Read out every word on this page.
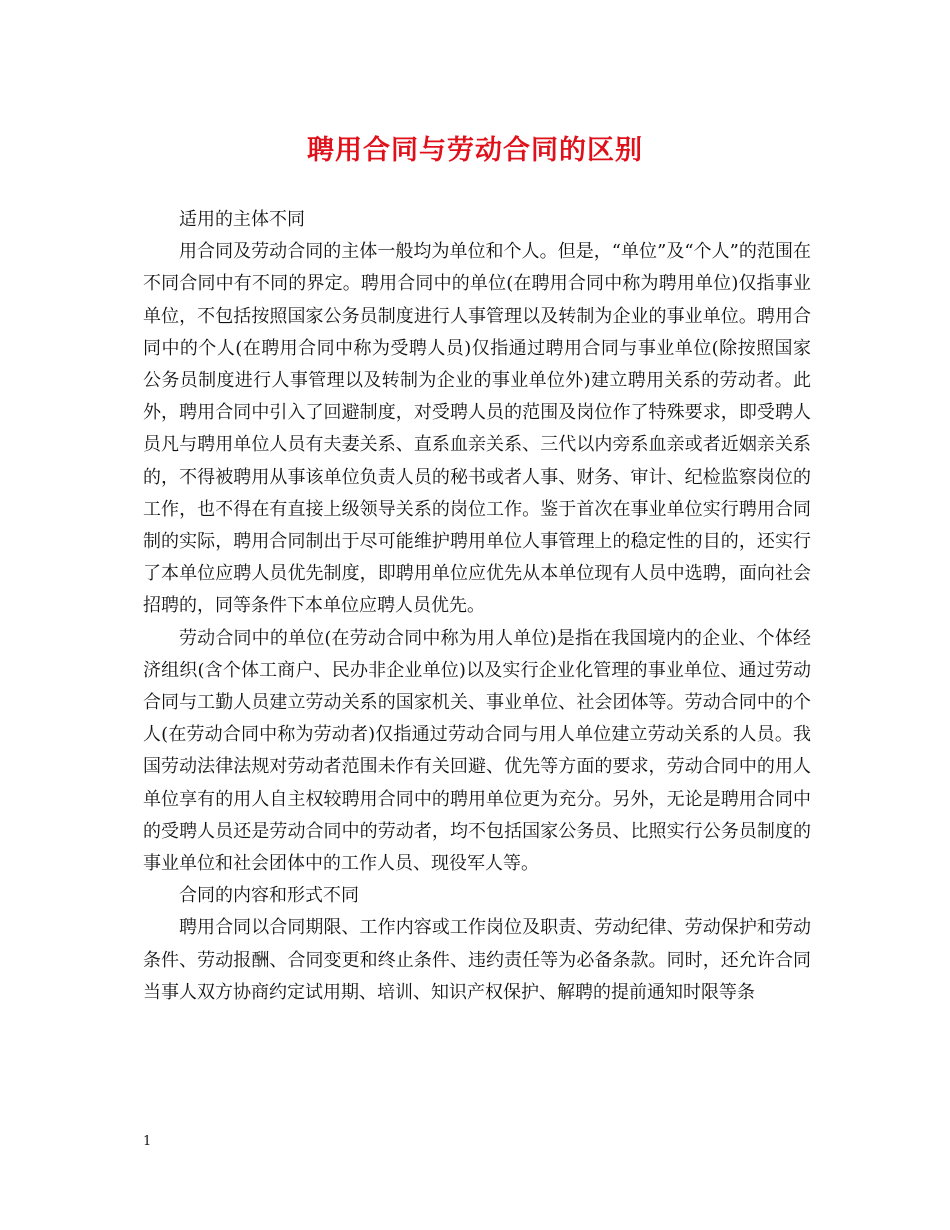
聘用合同与劳动合同的区别

适用的主体不同

用合同及劳动合同的主体一般均为单位和个人。但是，“单位”及“个人”的范围在不同合同中有不同的界定。聘用合同中的单位(在聘用合同中称为聘用单位)仅指事业单位，不包括按照国家公务员制度进行人事管理以及转制为企业的事业单位。聘用合同中的个人(在聘用合同中称为受聘人员)仅指通过聘用合同与事业单位(除按照国家公务员制度进行人事管理以及转制为企业的事业单位外)建立聘用关系的劳动者。此外，聘用合同中引入了回避制度，对受聘人员的范围及岗位作了特殊要求，即受聘人员凡与聘用单位人员有夫妻关系、直系血亲关系、三代以内旁系血亲或者近姻亲关系的，不得被聘用从事该单位负责人员的秘书或者人事、财务、审计、纪检监察岗位的工作，也不得在有直接上级领导关系的岗位工作。鉴于首次在事业单位实行聘用合同制的实际，聘用合同制出于尽可能维护聘用单位人事管理上的稳定性的目的，还实行了本单位应聘人员优先制度，即聘用单位应优先从本单位现有人员中选聘，面向社会招聘的，同等条件下本单位应聘人员优先。

劳动合同中的单位(在劳动合同中称为用人单位)是指在我国境内的企业、个体经济组织(含个体工商户、民办非企业单位)以及实行企业化管理的事业单位、通过劳动合同与工勤人员建立劳动关系的国家机关、事业单位、社会团体等。劳动合同中的个人(在劳动合同中称为劳动者)仅指通过劳动合同与用人单位建立劳动关系的人员。我国劳动法律法规对劳动者范围未作有关回避、优先等方面的要求，劳动合同中的用人单位享有的用人自主权较聘用合同中的聘用单位更为充分。另外，无论是聘用合同中的受聘人员还是劳动合同中的劳动者，均不包括国家公务员、比照实行公务员制度的事业单位和社会团体中的工作人员、现役军人等。

合同的内容和形式不同

聘用合同以合同期限、工作内容或工作岗位及职责、劳动纪律、劳动保护和劳动条件、劳动报酬、合同变更和终止条件、违约责任等为必备条款。同时，还允许合同当事人双方协商约定试用期、培训、知识产权保护、解聘的提前通知时限等条

1
